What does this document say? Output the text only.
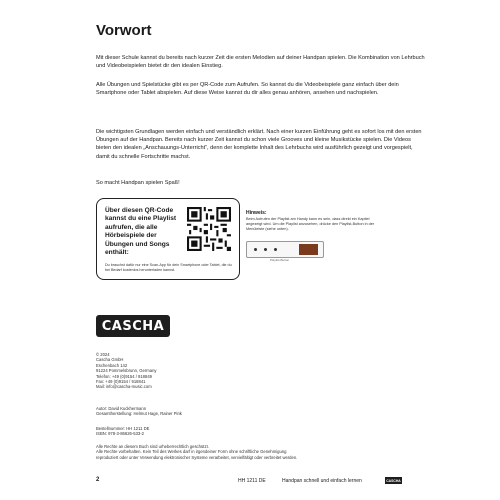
Vorwort

Mit dieser Schule kannst du bereits nach kurzer Zeit die ersten Melodien auf deiner Handpan spielen. Die Kombination von Lehrbuch und Videobeispielen bietet dir den idealen Einstieg.

Alle Übungen und Spielstücke gibt es per QR-Code zum Aufrufen. So kannst du die Videobeispiele ganz einfach über dein Smartphone oder Tablet abspielen. Auf diese Weise kannst du dir alles genau anhören, ansehen und nachspielen.

Die wichtigsten Grundlagen werden einfach und verständlich erklärt. Nach einer kurzen Einführung geht es sofort los mit den ersten Übungen auf der Handpan. Bereits nach kurzer Zeit kannst du schon viele Grooves und kleine Musikstücke spielen. Die Videos bieten den idealen „Anschauungs-Unterricht“, denn der komplette Inhalt des Lehrbuchs wird ausführlich gezeigt und vorgespielt, damit du schnelle Fortschritte machst.

So macht Handpan spielen Spaß!

Über diesen QR-Code kannst du eine Playlist aufrufen, die alle Hörbeispiele der Übungen und Songs enthält:

Du brauchst dafür nur eine Scan-App für dein Smartphone oder Tablet, die du bei Bedarf kostenlos herunterladen kannst.

Hinweis:

Beim Aufrufen der Playlist am Handy kann es sein, dass direkt ein Kapitel angezeigt wird. Um die Playlist anzusehen, drücke den Playlist-Button in der Menüleiste (siehe unten).

Playlist-Button

CASCHA

© 2024
Cascha GmbH
Eschenbach 142
91224 Pommelsbrunn, Germany
Telefon: +49 (0)9154 / 918849
Fax: +49 (0)9154 / 918841
Mail: info@cascha-music.com

Autor: David Kuckhermann
Gesamtherstellung: Helmut Hage, Rainer Pink

Bestellnummer: HH 1211 DE
ISBN: 978-3-86626-533-2

Alle Rechte an diesem Buch sind urheberrechtlich geschützt.
Alle Rechte vorbehalten. Kein Teil des Werkes darf in irgendeiner Form ohne schriftliche Genehmigung
reproduziert oder unter Verwendung elektronischer Systeme verarbeitet, vervielfältigt oder verbreitet werden.

2	HH 1211 DE	Handpan schnell und einfach lernen	CASCHA
